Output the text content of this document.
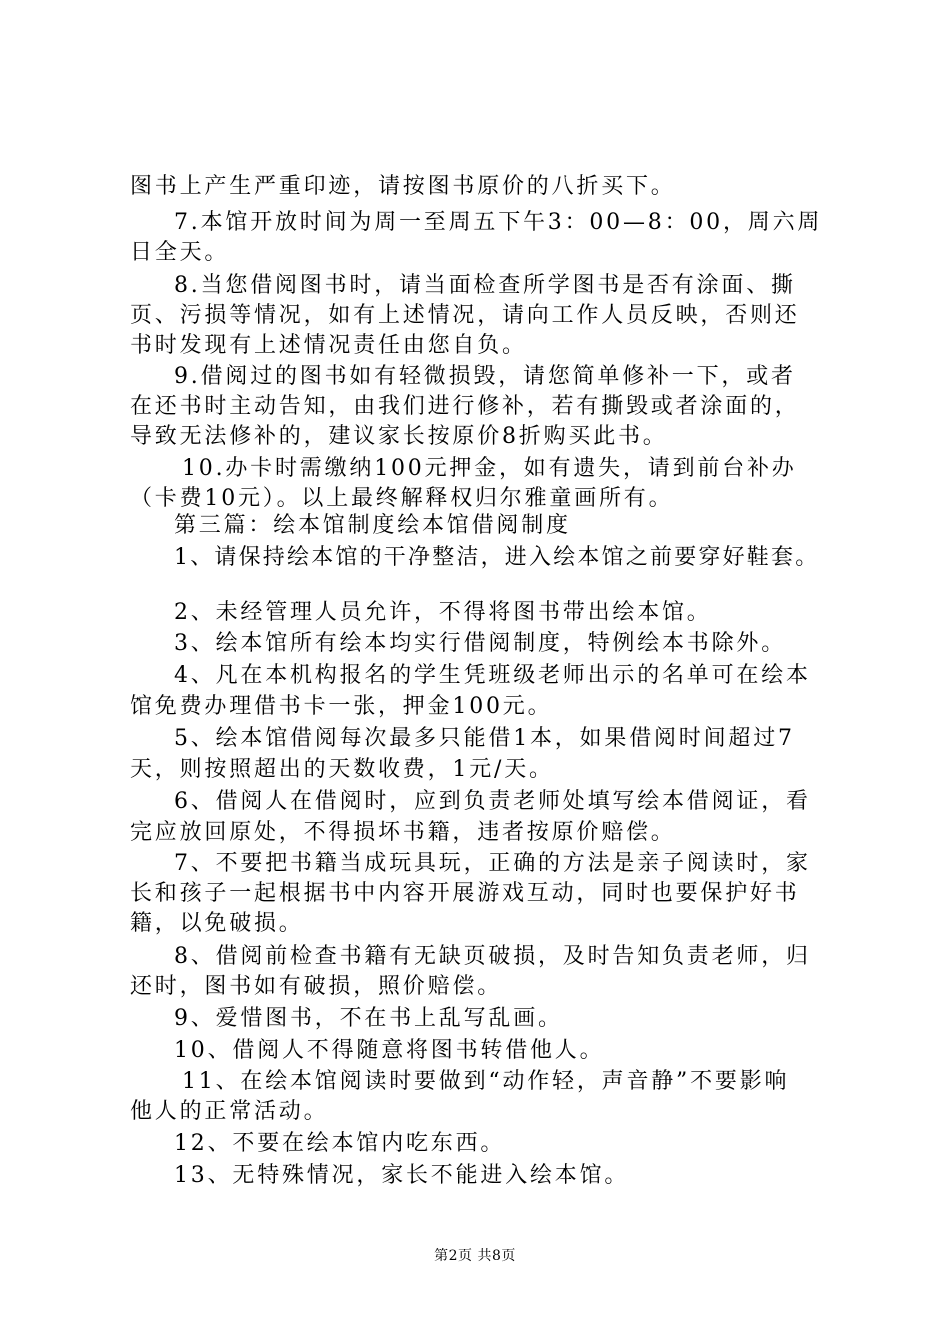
图书上产生严重印迹，请按图书原价的八折买下。
7.本馆开放时间为周一至周五下午3：00—8：00，周六周
日全天。
8.当您借阅图书时，请当面检查所学图书是否有涂面、撕
页、污损等情况，如有上述情况，请向工作人员反映，否则还
书时发现有上述情况责任由您自负。
9.借阅过的图书如有轻微损毁，请您简单修补一下，或者
在还书时主动告知，由我们进行修补，若有撕毁或者涂面的，
导致无法修补的，建议家长按原价8折购买此书。
10.办卡时需缴纳100元押金，如有遗失，请到前台补办
（卡费10元）。以上最终解释权归尔雅童画所有。
第三篇：绘本馆制度绘本馆借阅制度
1、请保持绘本馆的干净整洁，进入绘本馆之前要穿好鞋套。
2、未经管理人员允许，不得将图书带出绘本馆。
3、绘本馆所有绘本均实行借阅制度，特例绘本书除外。
4、凡在本机构报名的学生凭班级老师出示的名单可在绘本
馆免费办理借书卡一张，押金100元。
5、绘本馆借阅每次最多只能借1本，如果借阅时间超过7
天，则按照超出的天数收费，1元/天。
6、借阅人在借阅时，应到负责老师处填写绘本借阅证，看
完应放回原处，不得损坏书籍，违者按原价赔偿。
7、不要把书籍当成玩具玩，正确的方法是亲子阅读时，家
长和孩子一起根据书中内容开展游戏互动，同时也要保护好书
籍，以免破损。
8、借阅前检查书籍有无缺页破损，及时告知负责老师，归
还时，图书如有破损，照价赔偿。
9、爱惜图书，不在书上乱写乱画。
10、借阅人不得随意将图书转借他人。
11、在绘本馆阅读时要做到“动作轻，声音静”不要影响
他人的正常活动。
12、不要在绘本馆内吃东西。
13、无特殊情况，家长不能进入绘本馆。
第2页 共8页
